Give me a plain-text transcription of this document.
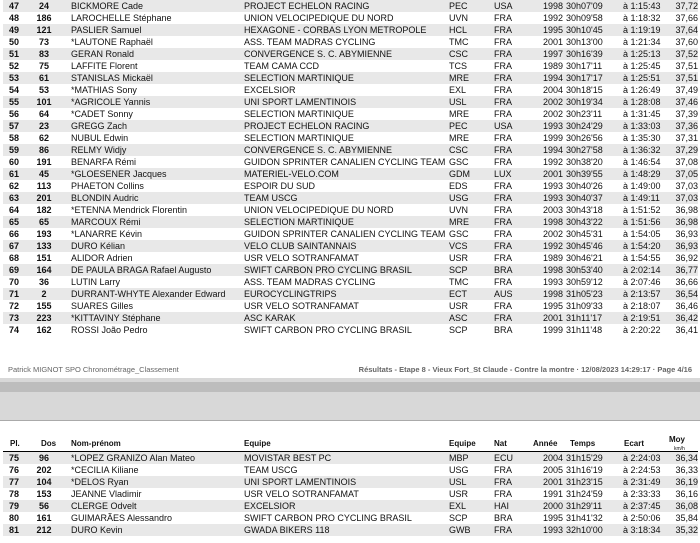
47	24	BICKMORE Cade	PROJECT ECHELON RACING	PEC	USA	1998 30h07'09	à 1:15:43	37,72
48	186	LAROCHELLE Stéphane	UNION VELOCIPEDIQUE DU NORD	UVN	FRA	1992 30h09'58	à 1:18:32	37,66
49	121	PASLIER Samuel	HEXAGONE - CORBAS LYON METROPOLE	HCL	FRA	1995 30h10'45	à 1:19:19	37,64
50	73	*LAUTONE Raphaël	ASS. TEAM MADRAS CYCLING	TMC	FRA	2001 30h13'00	à 1:21:34	37,60
51	83	GERAN Ronald	CONVERGENCE S. C. ABYMIENNE	CSC	FRA	1997 30h16'39	à 1:25:13	37,52
52	75	LAFFITE Florent	TEAM CAMA CCD	TCS	FRA	1989 30h17'11	à 1:25:45	37,51
53	61	STANISLAS Mickaël	SELECTION MARTINIQUE	MRE	FRA	1994 30h17'17	à 1:25:51	37,51
54	53	*MATHIAS Sony	EXCELSIOR	EXL	FRA	2004 30h18'15	à 1:26:49	37,49
55	101	*AGRICOLE Yannis	UNI SPORT LAMENTINOIS	USL	FRA	2002 30h19'34	à 1:28:08	37,46
56	64	*CADET Sonny	SELECTION MARTINIQUE	MRE	FRA	2002 30h23'11	à 1:31:45	37,39
57	23	GREGG Zach	PROJECT ECHELON RACING	PEC	USA	1993 30h24'29	à 1:33:03	37,36
58	62	NUBUL Edwin	SELECTION MARTINIQUE	MRE	FRA	1999 30h26'56	à 1:35:30	37,31
59	86	RELMY Widjy	CONVERGENCE S. C. ABYMIENNE	CSC	FRA	1994 30h27'58	à 1:36:32	37,29
60	191	BENARFA Rémi	GUIDON SPRINTER CANALIEN CYCLING TEAM GSC	FRA	1992 30h38'20	à 1:46:54	37,08
61	45	*GLOESENER Jacques	MATERIEL-VELO.COM	GDM	LUX	2001 30h39'55	à 1:48:29	37,05
62	113	PHAETON Collins	ESPOIR DU SUD	EDS	FRA	1993 30h40'26	à 1:49:00	37,03
63	201	BLONDIN Audric	TEAM USCG	USG	FRA	1993 30h40'37	à 1:49:11	37,03
64	182	*ETENNA Mendrick Florentin	UNION VELOCIPEDIQUE DU NORD	UVN	FRA	2003 30h43'18	à 1:51:52	36,98
65	65	MARCOUX Rémi	SELECTION MARTINIQUE	MRE	FRA	1998 30h43'22	à 1:51:56	36,98
66	193	*LANARRE Kévin	GUIDON SPRINTER CANALIEN CYCLING TEAM GSC	FRA	2002 30h45'31	à 1:54:05	36,93
67	133	DURO Kélian	VELO CLUB SAINTANNAIS	VCS	FRA	1992 30h45'46	à 1:54:20	36,93
68	151	ALIDOR Adrien	USR VELO SOTRANFAMAT	USR	FRA	1989 30h46'21	à 1:54:55	36,92
69	164	DE PAULA BRAGA Rafael Augusto	SWIFT CARBON PRO CYCLING BRASIL	SCP	BRA	1998 30h53'40	à 2:02:14	36,77
70	36	LUTIN Larry	ASS. TEAM MADRAS CYCLING	TMC	FRA	1993 30h59'12	à 2:07:46	36,66
71	2	DURRANT-WHYTE Alexander Edward	EUROCYCLINGTRIPS	ECT	AUS	1998 31h05'23	à 2:13:57	36,54
72	155	SUARES Gilles	USR VELO SOTRANFAMAT	USR	FRA	1995 31h09'33	à 2:18:07	36,46
73	223	*KITTAVINY Stéphane	ASC KARAK	ASC	FRA	2001 31h11'17	à 2:19:51	36,42
74	162	ROSSI João Pedro	SWIFT CARBON PRO CYCLING BRASIL	SCP	BRA	1999 31h11'48	à 2:20:22	36,41
Patrick MIGNOT SPO Chronométrage_Classement	Résultats - Etape 8 - Vieux Fort_St Claude - Contre la montre · 12/08/2023 14:29:17 · Page 4/16
Pl.	Dos Nom-prénom	Equipe	Equipe Nat	Année Temps	Ecart	Moy
km/h
75	96	*LOPEZ GRANIZO Alan Mateo	MOVISTAR BEST PC	MBP	ECU	2004 31h15'29	à 2:24:03	36,34
76	202	*CECILIA Kiliane	TEAM USCG	USG	FRA	2005 31h16'19	à 2:24:53	36,33
77	104	*DELOS Ryan	UNI SPORT LAMENTINOIS	USL	FRA	2001 31h23'15	à 2:31:49	36,19
78	153	JEANNE Vladimir	USR VELO SOTRANFAMAT	USR	FRA	1991 31h24'59	à 2:33:33	36,16
79	56	CLERGE Odvelt	EXCELSIOR	EXL	HAI	2000 31h29'11	à 2:37:45	36,08
80	161	GUIMARÃES Alessandro	SWIFT CARBON PRO CYCLING BRASIL	SCP	BRA	1995 31h41'32	à 2:50:06	35,84
81	212	DURO Kevin	GWADA BIKERS 118	GWB	FRA	1993 32h10'00	à 3:18:34	35,32
